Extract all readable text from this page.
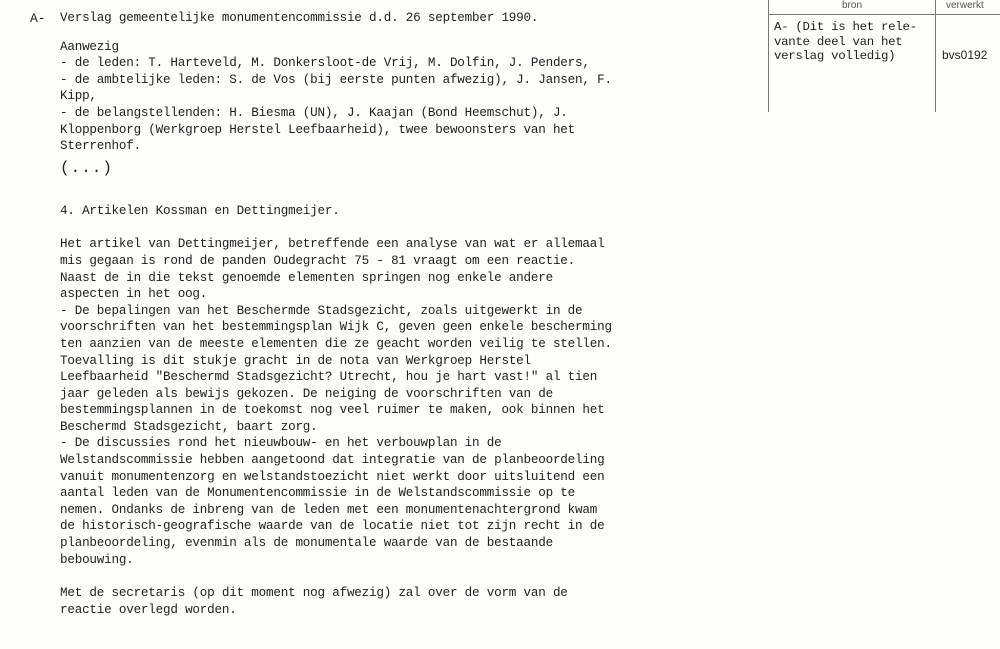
A- Verslag gemeentelijke monumentencommissie d.d. 26 september 1990.
Aanwezig
- de leden: T. Harteveld, M. Donkersloot-de Vrij, M. Dolfin, J. Penders,
- de ambtelijke leden: S. de Vos (bij eerste punten afwezig), J. Jansen, F.
Kipp,
- de belangstellenden: H. Biesma (UN), J. Kaajan (Bond Heemschut), J.
Kloppenborg (Werkgroep Herstel Leefbaarheid), twee bewoonsters van het
Sterrenhof.
(...)
4. Artikelen Kossman en Dettingmeijer.
Het artikel van Dettingmeijer, betreffende een analyse van wat er allemaal
mis gegaan is rond de panden Oudegracht 75 - 81 vraagt om een reactie.
Naast de in die tekst genoemde elementen springen nog enkele andere
aspecten in het oog.
- De bepalingen van het Beschermde Stadsgezicht, zoals uitgewerkt in de
voorschriften van het bestemmingsplan Wijk C, geven geen enkele bescherming
ten aanzien van de meeste elementen die ze geacht worden veilig te stellen.
Toevalling is dit stukje gracht in de nota van Werkgroep Herstel
Leefbaarheid "Beschermd Stadsgezicht? Utrecht, hou je hart vast!" al tien
jaar geleden als bewijs gekozen. De neiging de voorschriften van de
bestemmingsplannen in de toekomst nog veel ruimer te maken, ook binnen het
Beschermd Stadsgezicht, baart zorg.
- De discussies rond het nieuwbouw- en het verbouwplan in de
Welstandscommissie hebben aangetoond dat integratie van de planbeoordeling
vanuit monumentenzorg en welstandstoezicht niet werkt door uitsluitend een
aantal leden van de Monumentencommissie in de Welstandscommissie op te
nemen. Ondanks de inbreng van de leden met een monumentenachtergrond kwam
de historisch-geografische waarde van de locatie niet tot zijn recht in de
planbeoordeling, evenmin als de monumentale waarde van de bestaande
bebouwing.
Met de secretaris (op dit moment nog afwezig) zal over de vorm van de
reactie overlegd worden.
bron	verwerkt
A- (Dit is het rele-
vante deel van het
verslag volledig)	bvs0192
